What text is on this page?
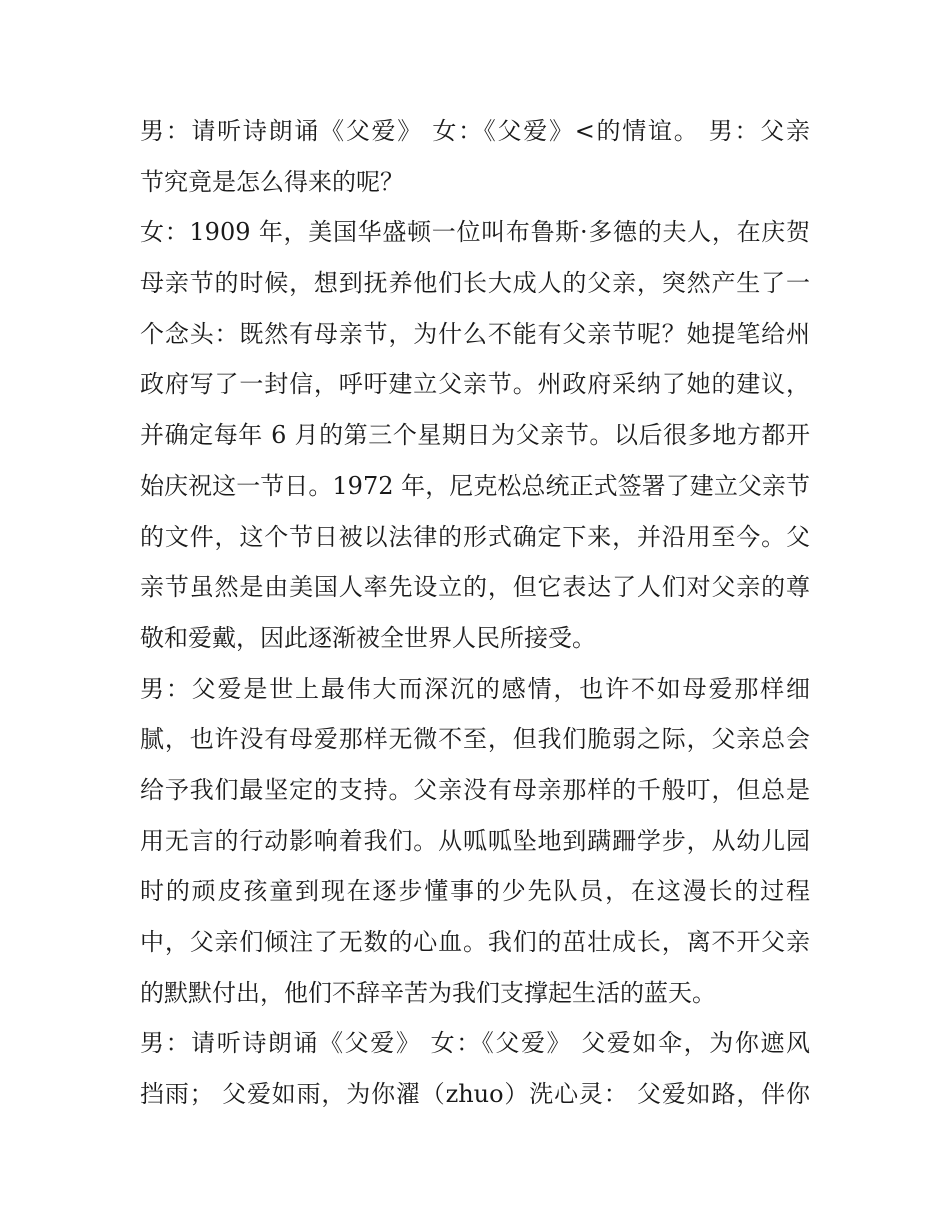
男：请听诗朗诵《父爱》 女：《父爱》<的情谊。 男：父亲
节究竟是怎么得来的呢？
女：1909 年，美国华盛顿一位叫布鲁斯·多德的夫人，在庆贺
母亲节的时候，想到抚养他们长大成人的父亲，突然产生了一
个念头：既然有母亲节，为什么不能有父亲节呢？她提笔给州
政府写了一封信，呼吁建立父亲节。州政府采纳了她的建议，
并确定每年 6 月的第三个星期日为父亲节。以后很多地方都开
始庆祝这一节日。1972 年，尼克松总统正式签署了建立父亲节
的文件，这个节日被以法律的形式确定下来，并沿用至今。父
亲节虽然是由美国人率先设立的，但它表达了人们对父亲的尊
敬和爱戴，因此逐渐被全世界人民所接受。
男：父爱是世上最伟大而深沉的感情，也许不如母爱那样细
腻，也许没有母爱那样无微不至，但我们脆弱之际，父亲总会
给予我们最坚定的支持。父亲没有母亲那样的千般叮，但总是
用无言的行动影响着我们。从呱呱坠地到蹒跚学步，从幼儿园
时的顽皮孩童到现在逐步懂事的少先队员，在这漫长的过程
中，父亲们倾注了无数的心血。我们的茁壮成长，离不开父亲
的默默付出，他们不辞辛苦为我们支撑起生活的蓝天。
男：请听诗朗诵《父爱》 女：《父爱》 父爱如伞，为你遮风
挡雨； 父爱如雨，为你濯（zhuo）洗心灵： 父爱如路，伴你
